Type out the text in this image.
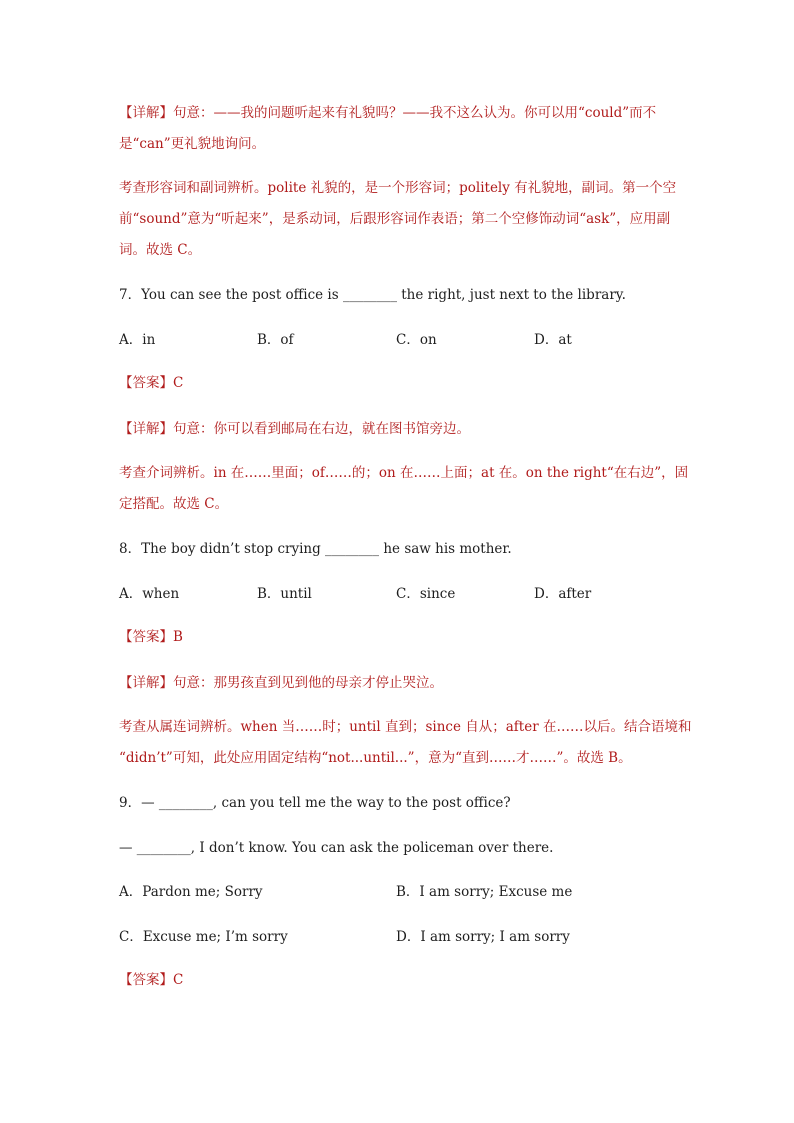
【详解】句意：——我的问题听起来有礼貌吗？——我不这么认为。你可以用“could”而不
是“can”更礼貌地询问。
考查形容词和副词辨析。polite 礼貌的，是一个形容词；politely 有礼貌地，副词。第一个空
前“sound”意为“听起来”，是系动词，后跟形容词作表语；第二个空修饰动词“ask”，应用副
词。故选 C。
7．You can see the post office is ________ the right, just next to the library.
A．in	B．of	C．on	D．at
【答案】C
【详解】句意：你可以看到邮局在右边，就在图书馆旁边。
考查介词辨析。in 在……里面；of……的；on 在……上面；at 在。on the right“在右边”，固
定搭配。故选 C。
8．The boy didn’t stop crying ________ he saw his mother.
A．when	B．until	C．since	D．after
【答案】B
【详解】句意：那男孩直到见到他的母亲才停止哭泣。
考查从属连词辨析。when 当……时；until 直到；since 自从；after 在……以后。结合语境和
“didn’t”可知，此处应用固定结构“not...until...”，意为“直到……才……”。故选 B。
9．— ________, can you tell me the way to the post office?
— ________, I don’t know. You can ask the policeman over there.
A．Pardon me; Sorry	B．I am sorry; Excuse me
C．Excuse me; I’m sorry	D．I am sorry; I am sorry
【答案】C
